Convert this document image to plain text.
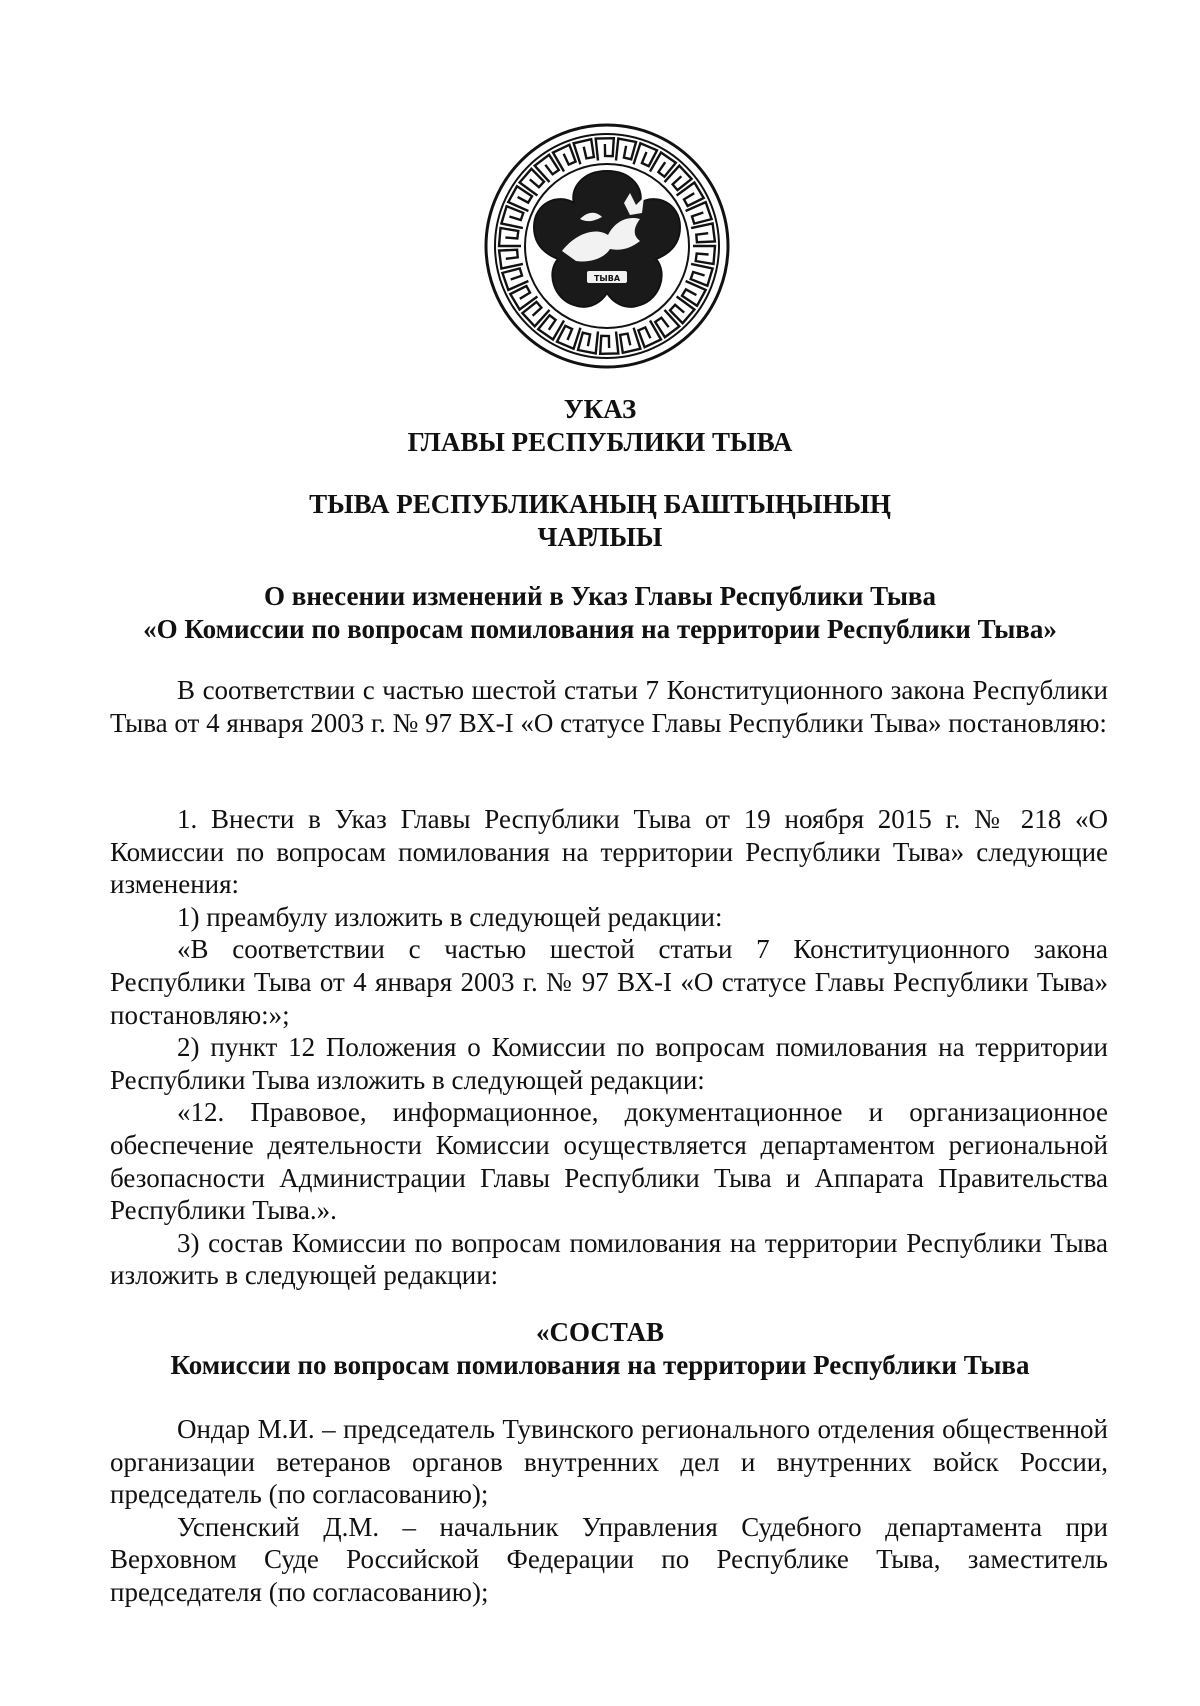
ТЫВА
УКАЗ
ГЛАВЫ РЕСПУБЛИКИ ТЫВА
ТЫВА РЕСПУБЛИКАНЫҢ БАШТЫҢЫНЫҢ
ЧАРЛЫЫ
О внесении изменений в Указ Главы Республики Тыва
«О Комиссии по вопросам помилования на территории Республики Тыва»

В соответствии с частью шестой статьи 7 Конституционного закона Республики Тыва от 4 января 2003 г. № 97 ВХ-I «О статусе Главы Республики Тыва» постановляю:

1. Внести в Указ Главы Республики Тыва от 19 ноября 2015 г. № 218 «О Комиссии по вопросам помилования на территории Республики Тыва» следующие изменения:

1) преамбулу изложить в следующей редакции:

«В соответствии с частью шестой статьи 7 Конституционного закона Республики Тыва от 4 января 2003 г. № 97 ВХ-I «О статусе Главы Республики Тыва» постановляю:»;

2) пункт 12 Положения о Комиссии по вопросам помилования на территории Республики Тыва изложить в следующей редакции:

«12. Правовое, информационное, документационное и организационное обеспечение деятельности Комиссии осуществляется департаментом региональной безопасности Администрации Главы Республики Тыва и Аппарата Правительства Республики Тыва.».

3) состав Комиссии по вопросам помилования на территории Республики Тыва изложить в следующей редакции:

«СОСТАВ
Комиссии по вопросам помилования на территории Республики Тыва

Ондар М.И. – председатель Тувинского регионального отделения общественной организации ветеранов органов внутренних дел и внутренних войск России, председатель (по согласованию);

Успенский Д.М. – начальник Управления Судебного департамента при Верховном Суде Российской Федерации по Республике Тыва, заместитель председателя (по согласованию);
